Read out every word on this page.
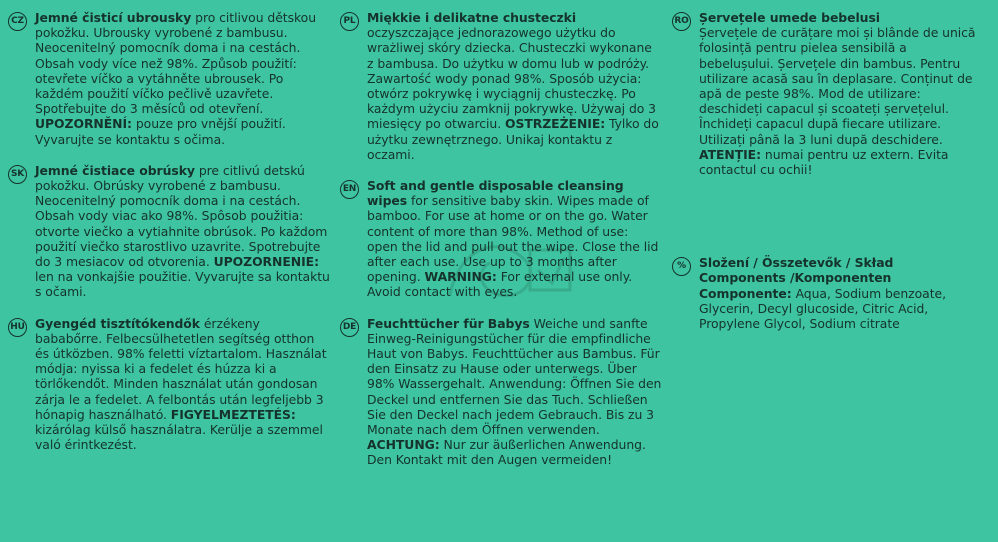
CZ Jemné čisticí ubrousky pro citlivou dětskou pokožku. Ubrousky vyrobené z bambusu. Neocenitelný pomocník doma i na cestách. Obsah vody více než 98%. Způsob použití: otevřete víčko a vytáhněte ubrousek. Po každém použití víčko pečlivě uzavřete. Spotřebujte do 3 měsíců od otevření. UPOZORNĚNÍ: pouze pro vnější použití. Vyvarujte se kontaktu s očima.
SK Jemné čistiace obrúsky pre citlivú detskú pokožku. Obrúsky vyrobené z bambusu. Neocenitelný pomocník doma i na cestách. Obsah vody viac ako 98%. Spôsob použitia: otvorte viečko a vytiahnite obrúsok. Po každom použití viečko starostlivo uzavrite. Spotrebujte do 3 mesiacov od otvorenia. UPOZORNENIE: len na vonkajšie použitie. Vyvarujte sa kontaktu s očami.
HU Gyengéd tisztítókendők érzékeny bababőrre. Felbecsülhetetlen segítség otthon és útközben. 98% feletti víztartalom. Használat módja: nyissa ki a fedelet és húzza ki a törlőkendőt. Minden használat után gondosan zárja le a fedelet. A felbontás után legfeljebb 3 hónapig használható. FIGYELMEZTETÉS: kizárólag külső használatra. Kerülje a szemmel való érintkezést.
PL Miękkie i delikatne chusteczki oczyszczające jednorazowego użytku do wrażliwej skóry dziecka. Chusteczki wykonane z bambusa. Do użytku w domu lub w podróży. Zawartość wody ponad 98%. Sposób użycia: otwórz pokrywkę i wyciągnij chusteczkę. Po każdym użyciu zamknij pokrywkę. Używaj do 3 miesięcy po otwarciu. OSTRZEŻENIE: Tylko do użytku zewnętrznego. Unikaj kontaktu z oczami.
EN Soft and gentle disposable cleansing wipes for sensitive baby skin. Wipes made of bamboo. For use at home or on the go. Water content of more than 98%. Method of use: open the lid and pull out the wipe. Close the lid after each use. Use up to 3 months after opening. WARNING: For external use only. Avoid contact with eyes.
DE Feuchttücher für Babys Weiche und sanfte Einweg-Reinigungstücher für die empfindliche Haut von Babys. Feuchttücher aus Bambus. Für den Einsatz zu Hause oder unterwegs. Über 98% Wassergehalt. Anwendung: Öffnen Sie den Deckel und entfernen Sie das Tuch. Schließen Sie den Deckel nach jedem Gebrauch. Bis zu 3 Monate nach dem Öffnen verwenden. ACHTUNG: Nur zur äußerlichen Anwendung. Den Kontakt mit den Augen vermeiden!
RO Șervețele umede bebelusi
Șervețele de curățare moi și blânde de unică folosință pentru pielea sensibilă a bebelușului. Șervețele din bambus. Pentru utilizare acasă sau în deplasare. Conținut de apă de peste 98%. Mod de utilizare: deschideți capacul și scoateți șervețelul. Închideți capacul după fiecare utilizare. Utilizați până la 3 luni după deschidere. ATENȚIE: numai pentru uz extern. Evita contactul cu ochii!
%	Složení / Összetevők / Skład
Components /Komponenten
Componente: Aqua, Sodium benzoate, Glycerin, Decyl glucoside, Citric Acid, Propylene Glycol, Sodium citrate
